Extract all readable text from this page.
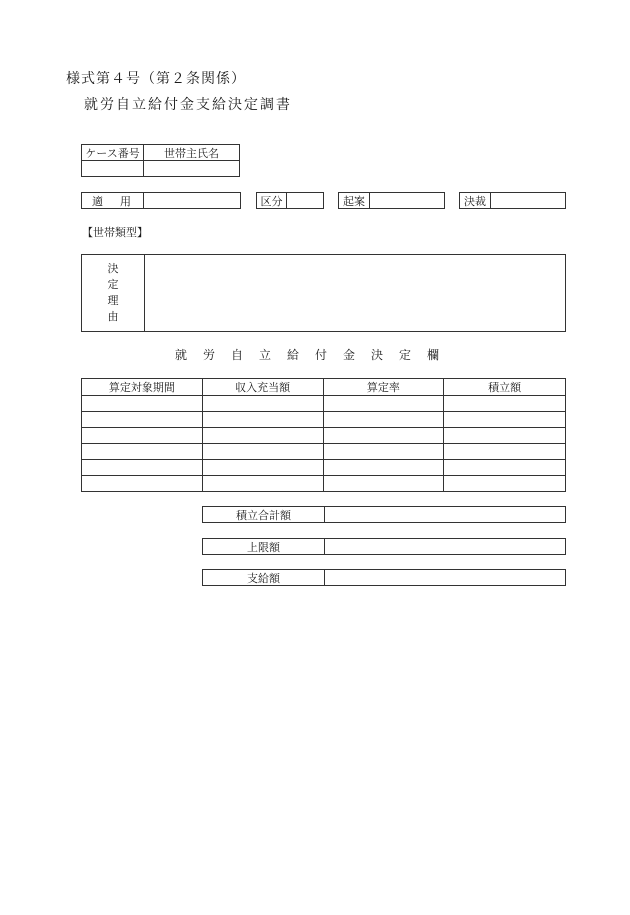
様式第４号（第２条関係）
就労自立給付金支給決定調書
ケース番号	世帯主氏名
適　用	区分	起案	決裁
【世帯類型】
決
定
理
由
就労自立給付金決定欄
算定対象期間	収入充当額	算定率	積立額

積立合計額
上限額
支給額
